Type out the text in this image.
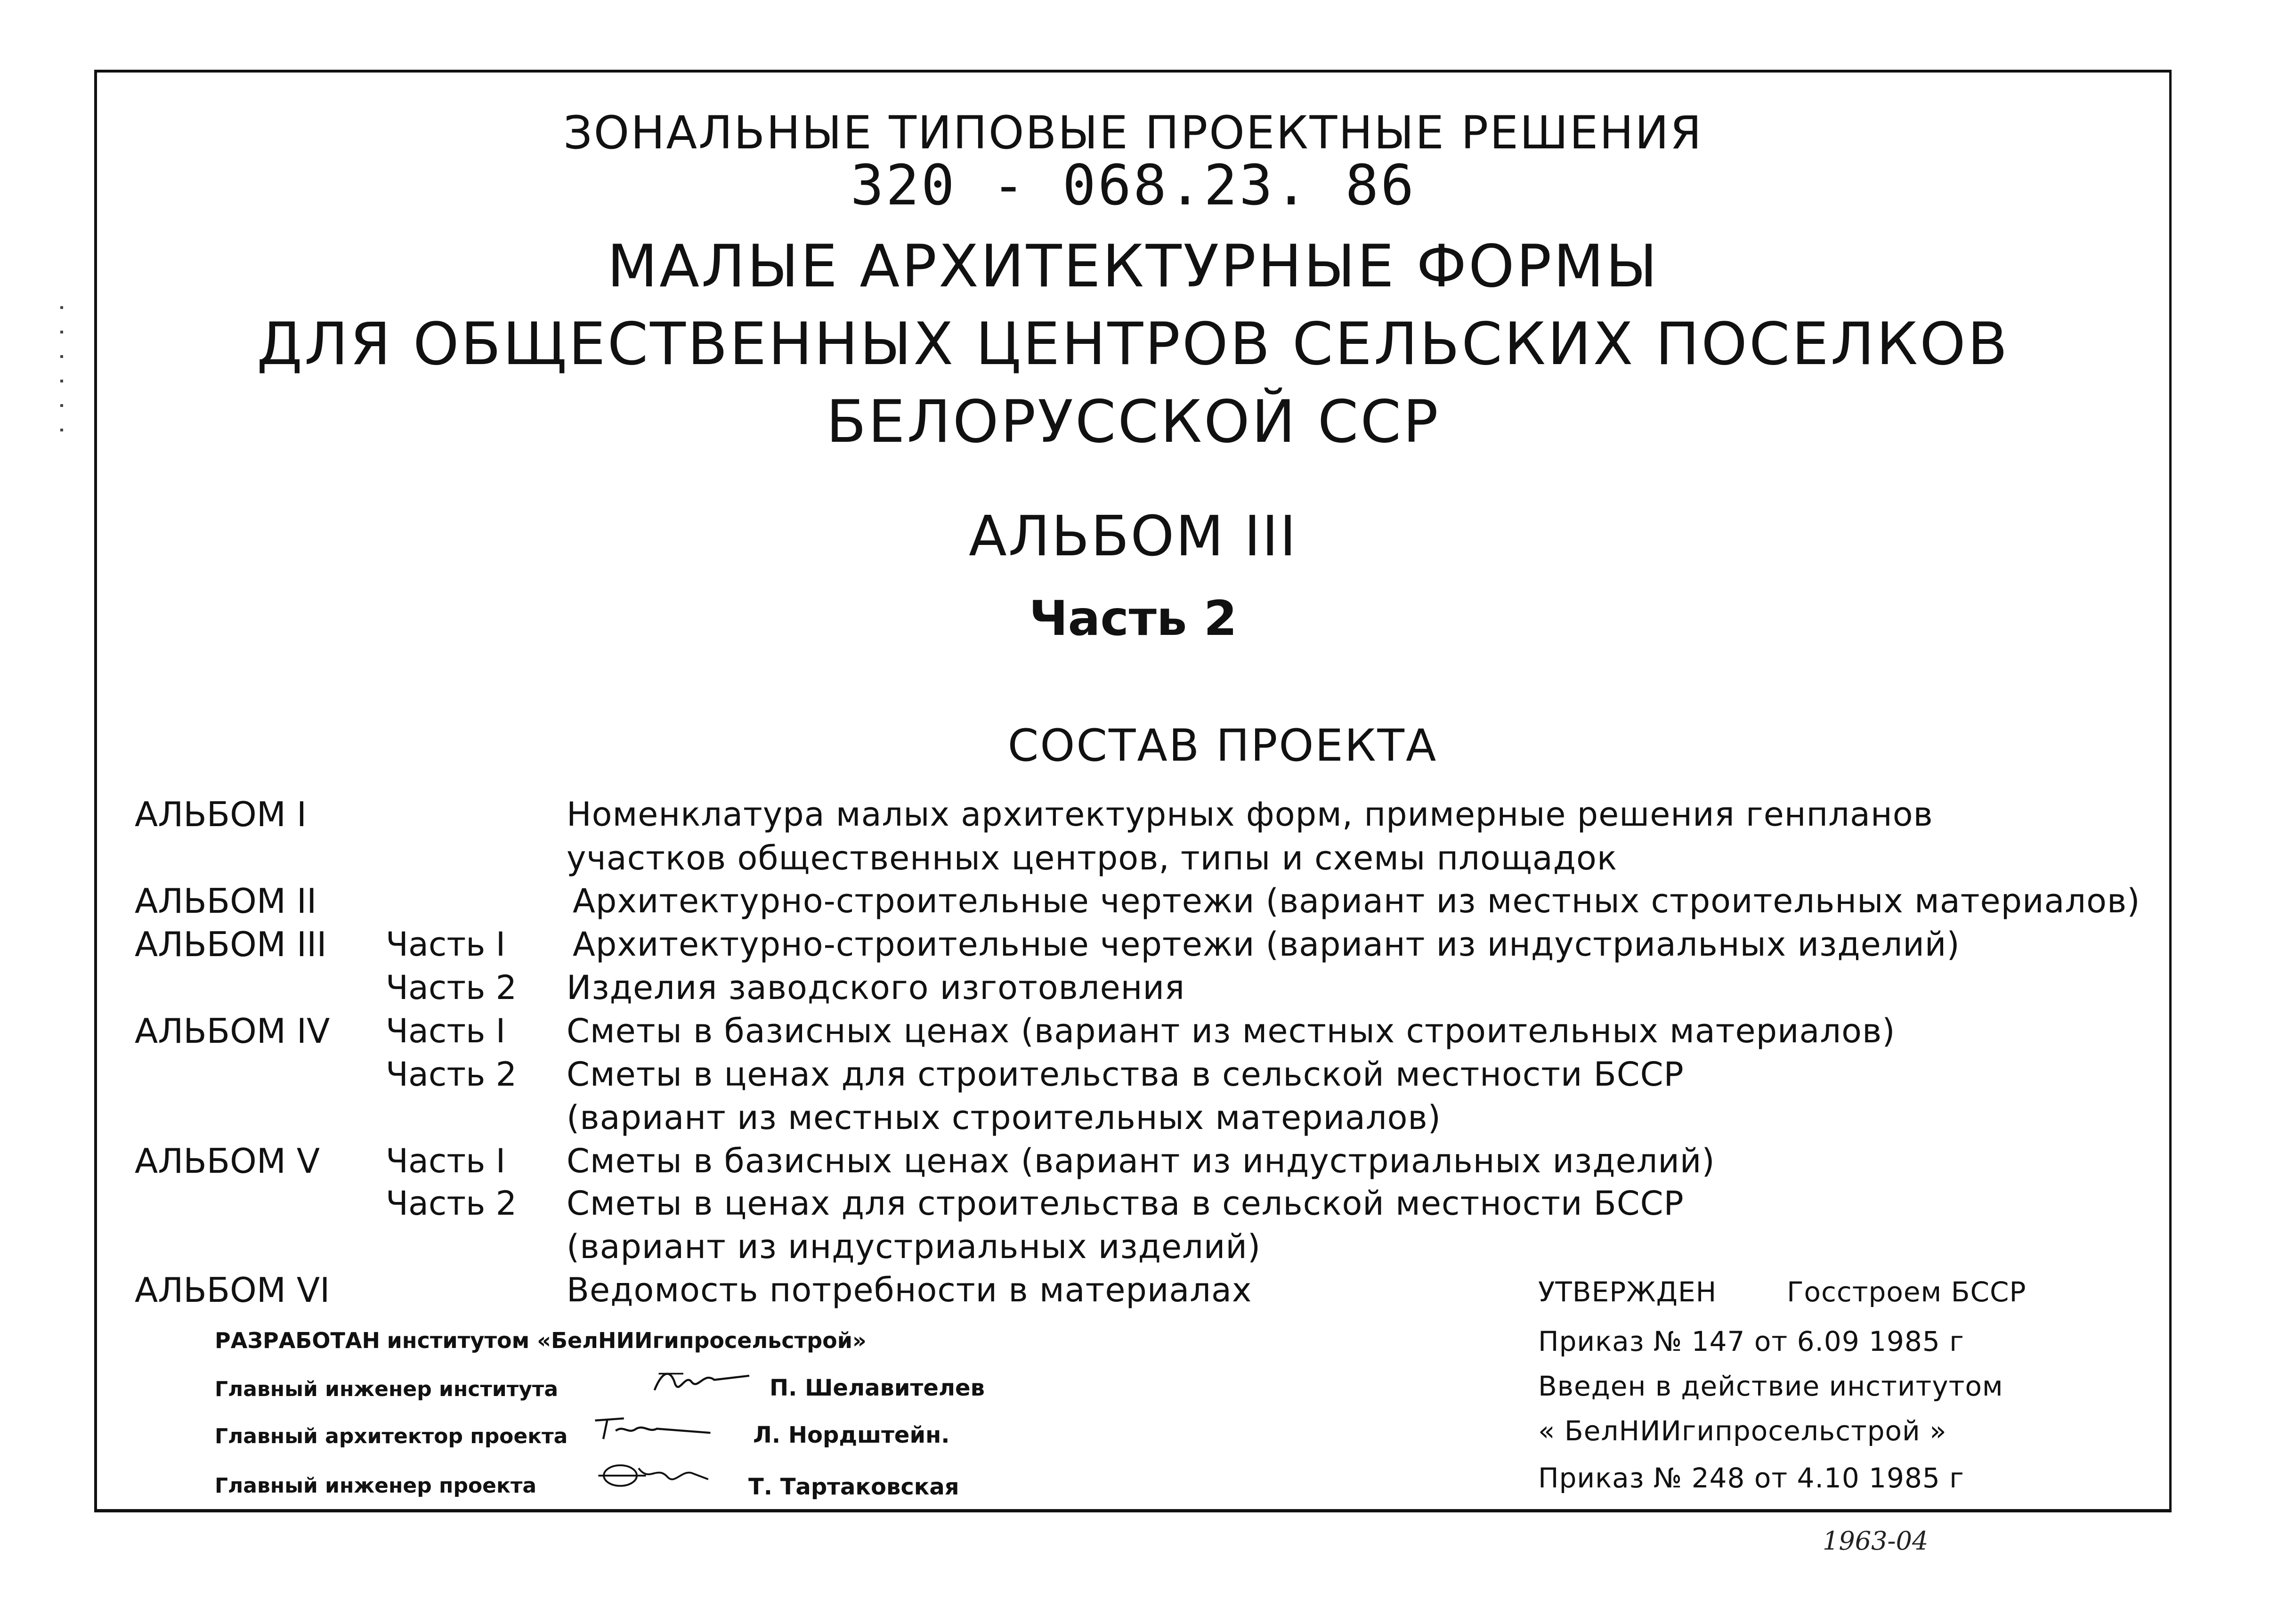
ЗОНАЛЬНЫЕ ТИПОВЫЕ ПРОЕКТНЫЕ РЕШЕНИЯ
320 - 068.23. 86
МАЛЫЕ АРХИТЕКТУРНЫЕ ФОРМЫ
ДЛЯ ОБЩЕСТВЕННЫХ ЦЕНТРОВ СЕЛЬСКИХ ПОСЕЛКОВ
БЕЛОРУССКОЙ ССР
АЛЬБОМ III
Часть 2
СОСТАВ ПРОЕКТА
АЛЬБОМ I	Номенклатура малых архитектурных форм, примерные решения генпланов
участков общественных центров, типы и схемы площадок
АЛЬБОМ II	Архитектурно-строительные чертежи (вариант из местных строительных материалов)
АЛЬБОМ III Часть I Архитектурно-строительные чертежи (вариант из индустриальных изделий)
Часть 2 Изделия заводского изготовления
АЛЬБОМ IV Часть I Сметы в базисных ценах (вариант из местных строительных материалов)
Часть 2 Сметы в ценах для строительства в сельской местности БССР
(вариант из местных строительных материалов)
АЛЬБОМ V Часть I Сметы в базисных ценах (вариант из индустриальных изделий)
Часть 2 Сметы в ценах для строительства в сельской местности БССР
(вариант из индустриальных изделий)
АЛЬБОМ VI	Ведомость потребности в материалах
РАЗРАБОТАН институтом «БелНИИгипросельстрой»
Главный инженер института	П. Шелавителев
Главный архитектор проекта	Л. Нордштейн.
Главный инженер проекта	Т. Тартаковская
УТВЕРЖДЕН	Госстроем БССР
Приказ № 147 от 6.09 1985 г
Введен в действие институтом
« БелНИИгипросельстрой »
Приказ № 248 от 4.10 1985 г
1963-04
